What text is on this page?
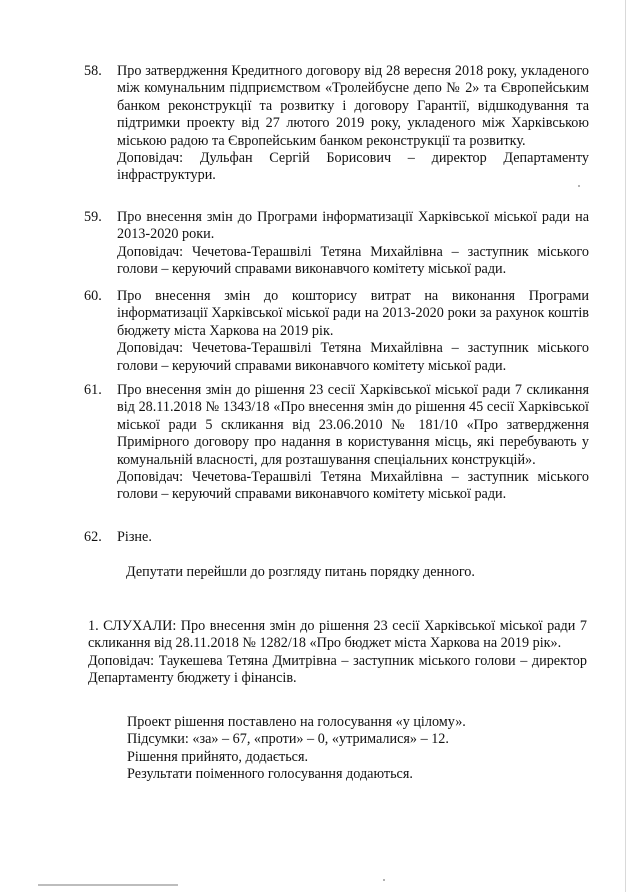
58.	Про затвердження Кредитного договору від 28 вересня 2018 року, укладеного між комунальним підприємством «Тролейбусне депо № 2» та Європейським банком реконструкції та розвитку і договору Гарантії, відшкодування та підтримки проекту від 27 лютого 2019 року, укладеного між Харківською міською радою та Європейським банком реконструкції та розвитку.
Доповідач: Дульфан Сергій Борисович – директор Департаменту інфраструктури.
59.	Про внесення змін до Програми інформатизації Харківської міської ради на 2013-2020 роки.
Доповідач: Чечетова-Терашвілі Тетяна Михайлівна – заступник міського голови – керуючий справами виконавчого комітету міської ради.
60.	Про внесення змін до кошторису витрат на виконання Програми інформатизації Харківської міської ради на 2013-2020 роки за рахунок коштів бюджету міста Харкова на 2019 рік.
Доповідач: Чечетова-Терашвілі Тетяна Михайлівна – заступник міського голови – керуючий справами виконавчого комітету міської ради.
61.	Про внесення змін до рішення 23 сесії Харківської міської ради 7 скликання від 28.11.2018 № 1343/18 «Про внесення змін до рішення 45 сесії Харківської міської ради 5 скликання від 23.06.2010 № 181/10 «Про затвердження Примірного договору про надання в користування місць, які перебувають у комунальній власності, для розташування спеціальних конструкцій».
Доповідач: Чечетова-Терашвілі Тетяна Михайлівна – заступник міського голови – керуючий справами виконавчого комітету міської ради.
62.	Різне.
Депутати перейшли до розгляду питань порядку денного.
1. СЛУХАЛИ: Про внесення змін до рішення 23 сесії Харківської міської ради 7 скликання від 28.11.2018 № 1282/18 «Про бюджет міста Харкова на 2019 рік».
Доповідач: Таукешева Тетяна Дмитрівна – заступник міського голови – директор Департаменту бюджету і фінансів.
Проект рішення поставлено на голосування «у цілому».
Підсумки: «за» – 67, «проти» – 0, «утрималися» – 12.
Рішення прийнято, додається.
Результати поіменного голосування додаються.
